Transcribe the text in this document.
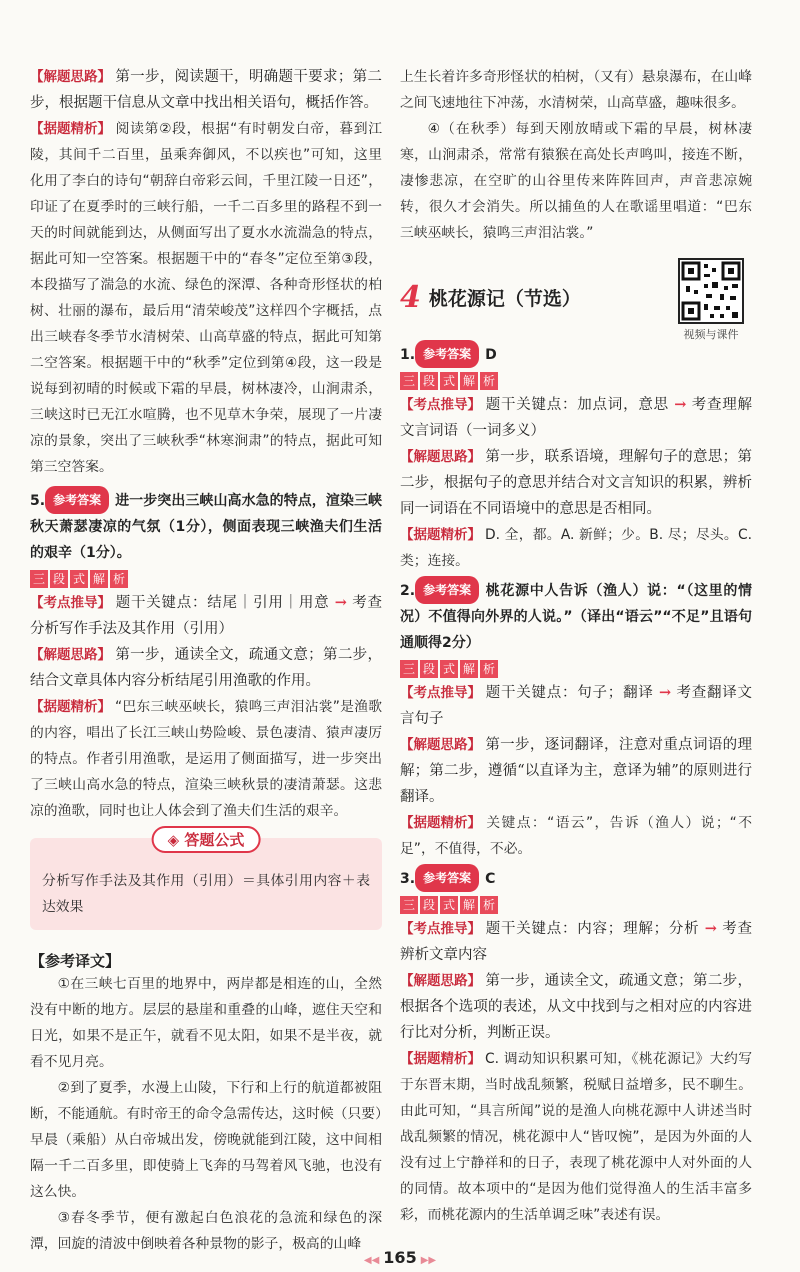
【解题思路】 第一步，阅读题干，明确题干要求；第二步，根据题干信息从文章中找出相关语句，概括作答。

【据题精析】 阅读第②段，根据“有时朝发白帝，暮到江陵，其间千二百里，虽乘奔御风，不以疾也”可知，这里化用了李白的诗句“朝辞白帝彩云间，千里江陵一日还”，印证了在夏季时的三峡行船，一千二百多里的路程不到一天的时间就能到达，从侧面写出了夏水水流湍急的特点，据此可知一空答案。根据题干中的“春冬”定位至第③段，本段描写了湍急的水流、绿色的深潭、各种奇形怪状的柏树、壮丽的瀑布，最后用“清荣峻茂”这样四个字概括，点出三峡春冬季节水清树荣、山高草盛的特点，据此可知第二空答案。根据题干中的“秋季”定位到第④段，这一段是说每到初晴的时候或下霜的早晨，树林凄冷，山涧肃杀，三峡这时已无江水喧腾，也不见草木争荣，展现了一片凄凉的景象，突出了三峡秋季“林寒涧肃”的特点，据此可知第三空答案。

5. 参考答案 进一步突出三峡山高水急的特点，渲染三峡秋天萧瑟凄凉的气氛（1分），侧面表现三峡渔夫们生活的艰辛（1分）。

三 段 式 解 析

【考点推导】 题干关键点：结尾｜引用｜用意 → 考查分析写作手法及其作用（引用）

【解题思路】 第一步，通读全文，疏通文意；第二步，结合文章具体内容分析结尾引用渔歌的作用。

【据题精析】 “巴东三峡巫峡长，猿鸣三声泪沾裳”是渔歌的内容，唱出了长江三峡山势险峻、景色凄清、猿声凄厉的特点。作者引用渔歌，是运用了侧面描写，进一步突出了三峡山高水急的特点，渲染三峡秋景的凄清萧瑟。这悲凉的渔歌，同时也让人体会到了渔夫们生活的艰辛。

◈ 答题公式

分析写作手法及其作用（引用）＝具体引用内容＋表达效果

【参考译文】

①在三峡七百里的地界中，两岸都是相连的山，全然没有中断的地方。层层的悬崖和重叠的山峰，遮住天空和日光，如果不是正午，就看不见太阳，如果不是半夜，就看不见月亮。

②到了夏季，水漫上山陵，下行和上行的航道都被阻断，不能通航。有时帝王的命令急需传达，这时候（只要）早晨（乘船）从白帝城出发，傍晚就能到江陵，这中间相隔一千二百多里，即使骑上飞奔的马驾着风飞驰，也没有这么快。

③春冬季节，便有激起白色浪花的急流和绿色的深潭，回旋的清波中倒映着各种景物的影子，极高的山峰

上生长着许多奇形怪状的柏树，（又有）悬泉瀑布，在山峰之间飞速地往下冲荡，水清树荣，山高草盛，趣味很多。

④（在秋季）每到天刚放晴或下霜的早晨，树林凄寒，山涧肃杀，常常有猿猴在高处长声鸣叫，接连不断，凄惨悲凉，在空旷的山谷里传来阵阵回声，声音悲凉婉转，很久才会消失。所以捕鱼的人在歌谣里唱道：“巴东三峡巫峡长，猿鸣三声泪沾裳。”

4 桃花源记（节选）
视频与课件

1. 参考答案 D

三 段 式 解 析

【考点推导】 题干关键点：加点词，意思 → 考查理解文言词语（一词多义）

【解题思路】 第一步，联系语境，理解句子的意思；第二步，根据句子的意思并结合对文言知识的积累，辨析同一词语在不同语境中的意思是否相同。

【据题精析】 D. 全，都。A. 新鲜；少。B. 尽；尽头。C. 类；连接。

2. 参考答案 桃花源中人告诉（渔人）说：“（这里的情况）不值得向外界的人说。”（译出“语云”“不足”且语句通顺得2分）

三 段 式 解 析

【考点推导】 题干关键点：句子；翻译 → 考查翻译文言句子

【解题思路】 第一步，逐词翻译，注意对重点词语的理解；第二步，遵循“以直译为主，意译为辅”的原则进行翻译。

【据题精析】 关键点：“语云”，告诉（渔人）说；“不足”，不值得，不必。

3. 参考答案 C

三 段 式 解 析

【考点推导】 题干关键点：内容；理解；分析 → 考查辨析文章内容

【解题思路】 第一步，通读全文，疏通文意；第二步，根据各个选项的表述，从文中找到与之相对应的内容进行比对分析，判断正误。

【据题精析】 C. 调动知识积累可知，《桃花源记》大约写于东晋末期，当时战乱频繁，税赋日益增多，民不聊生。由此可知，“具言所闻”说的是渔人向桃花源中人讲述当时战乱频繁的情况，桃花源中人“皆叹惋”，是因为外面的人没有过上宁静祥和的日子，表现了桃花源中人对外面的人的同情。故本项中的“是因为他们觉得渔人的生活丰富多彩，而桃花源内的生活单调乏味”表述有误。

◀◀ 165 ▶▶
